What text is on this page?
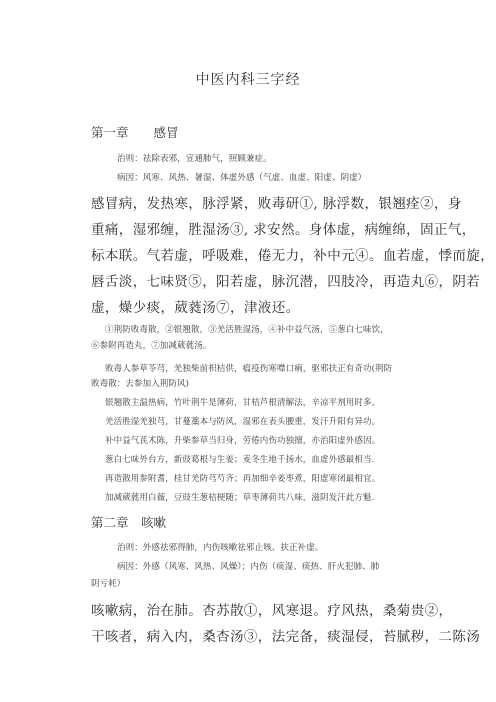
中医内科三字经
第一章　　感冒
治则：祛除表邪，宣通肺气，照顾兼症。
病因：风寒、风热、暑湿、体虚外感（气虚、血虚、阳虚、阴虚）
感冒病，发热寒，脉浮紧，败毒研①, 脉浮数，银翘痊②，身
重痛，湿邪缠，胜湿汤③, 求安然。身体虚，病缠绵，固正气，
标本联。气若虚，呼吸难，倦无力，补中元④。血若虚，悸而旋，
唇舌淡，七味贤⑤，阳若虚，脉沉潜，四肢冷，再造丸⑥，阴若
虚，燥少痰，葳蕤汤⑦，津液还。
①荆防败毒散，②银翘散，③羌活胜湿汤，④补中益气汤，⑤葱白七味饮，
⑥参附再造丸，⑦加减葳蕤汤。
败毒人参草苓芎，羌独柴前枳桔供，瘟疫伤寒噤口痢，驱邪扶正有奇功(荆防
败毒散：去参加入荆防风)
银翘散主温热病，竹叶荆牛是薄荷，甘桔芦根清解法，辛凉平剂用时多。
羌活胜湿羌独芎，甘蔓藁本与防风，湿邪在表头腰重，发汗升阳有异功。
补中益气芪术陈，升柴参草当归身，劳倦内伤功独擅，亦治阳虚外感因。
葱白七味外台方，新豉葛根与生姜；麦冬生地千扬水，血虚外感最相当.
再造散用参附耆，桂甘羌防芎芍齐；再加细辛姜枣煮，阳虚寒闭最相宜。
加减葳蕤用白薇，豆豉生葱桔梗随；草枣薄荷共八味，滋阴发汗此方魁.
第二章　咳嗽
治则：外感祛邪得肺，内伤咳嗽祛邪止咳、扶正补虚。
病因：外感（风寒、风热、风燥）；内伤（痰湿、痰热、肝火犯肺、肺
阴亏耗）
咳嗽病，治在肺。杏苏散①，风寒退。疗风热，桑菊贵②，
干咳者，病入内，桑杏汤③，法完备，痰湿侵，苔腻秽，二陈汤
